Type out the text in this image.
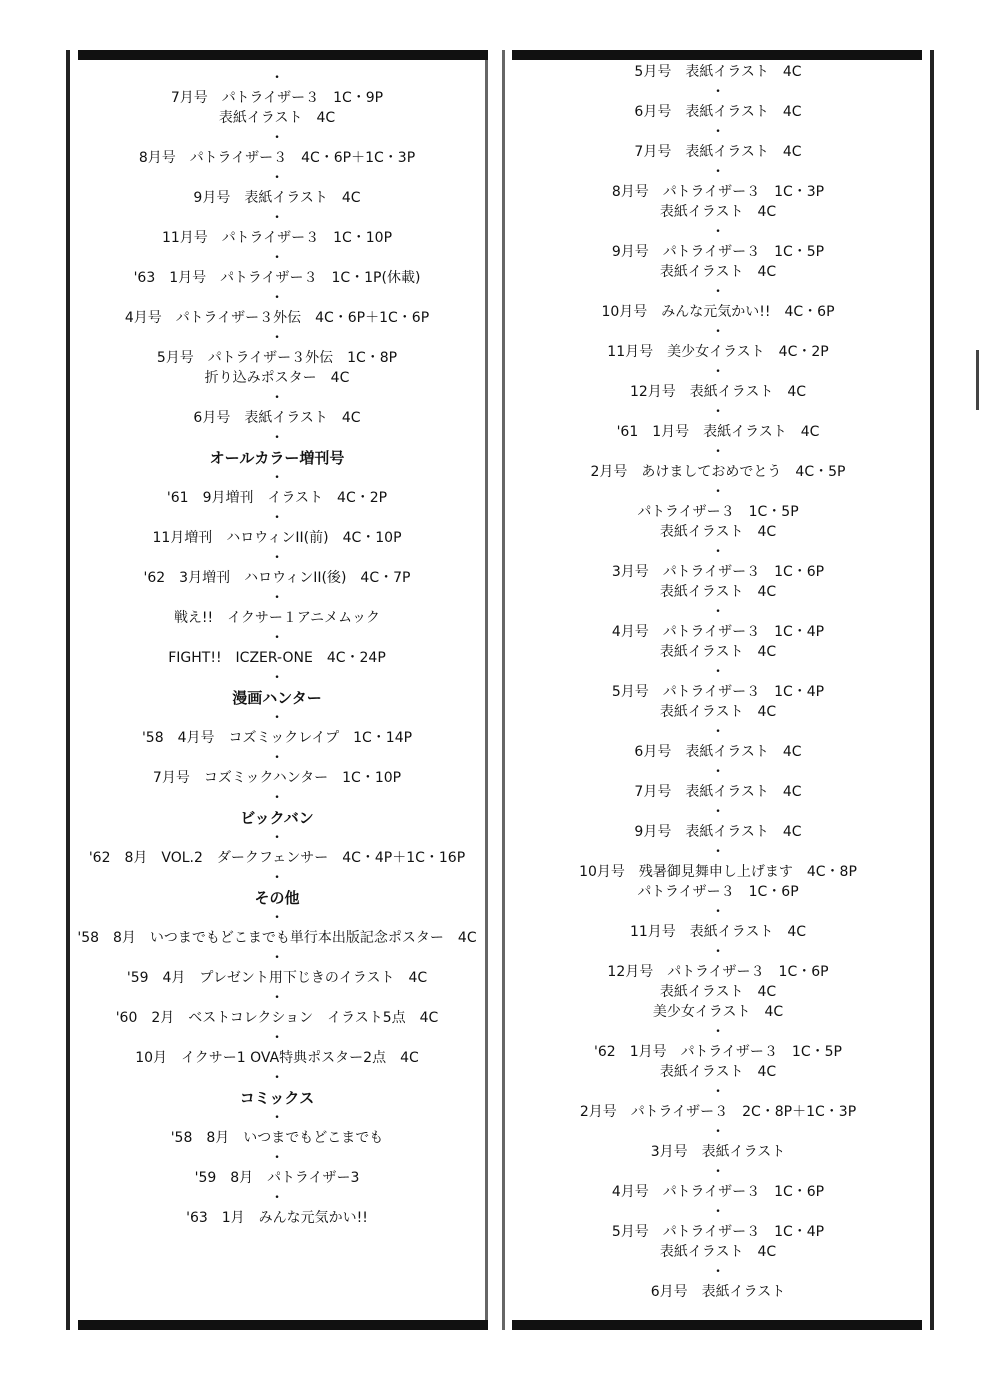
•
7月号　パトライザー３　1C・9P
表紙イラスト　4C
•
8月号　パトライザー３　4C・6P＋1C・3P
•
9月号　表紙イラスト　4C
•
11月号　パトライザー３　1C・10P
•
'63　1月号　パトライザー３　1C・1P(休載)
•
4月号　パトライザー３外伝　4C・6P＋1C・6P
•
5月号　パトライザー３外伝　1C・8P
折り込みポスター　4C
•
6月号　表紙イラスト　4C
•
オールカラー増刊号
•
'61　9月増刊　イラスト　4C・2P
•
11月増刊　ハロウィンII(前)　4C・10P
•
'62　3月増刊　ハロウィンII(後)　4C・7P
•
戦え!!　イクサー１アニメムック
•
FIGHT!!　ICZER-ONE　4C・24P
•
漫画ハンター
•
'58　4月号　コズミックレイプ　1C・14P
•
7月号　コズミックハンター　1C・10P
•
ビックバン
•
'62　8月　VOL.2　ダークフェンサー　4C・4P＋1C・16P
•
その他
•
'58　8月　いつまでもどこまでも単行本出版記念ポスター　4C
•
'59　4月　プレゼント用下じきのイラスト　4C
•
'60　2月　ベストコレクション　イラスト5点　4C
•
10月　イクサー1 OVA特典ポスター2点　4C
•
コミックス
•
'58　8月　いつまでもどこまでも
•
'59　8月　パトライザー3
•
'63　1月　みんな元気かい!!
5月号　表紙イラスト　4C
•
6月号　表紙イラスト　4C
•
7月号　表紙イラスト　4C
•
8月号　パトライザー３　1C・3P
表紙イラスト　4C
•
9月号　パトライザー３　1C・5P
表紙イラスト　4C
•
10月号　みんな元気かい!!　4C・6P
•
11月号　美少女イラスト　4C・2P
•
12月号　表紙イラスト　4C
•
'61　1月号　表紙イラスト　4C
•
2月号　あけましておめでとう　4C・5P
•
パトライザー３　1C・5P
表紙イラスト　4C
•
3月号　パトライザー３　1C・6P
表紙イラスト　4C
•
4月号　パトライザー３　1C・4P
表紙イラスト　4C
•
5月号　パトライザー３　1C・4P
表紙イラスト　4C
•
6月号　表紙イラスト　4C
•
7月号　表紙イラスト　4C
•
9月号　表紙イラスト　4C
•
10月号　残暑御見舞申し上げます　4C・8P
パトライザー３　1C・6P
•
11月号　表紙イラスト　4C
•
12月号　パトライザー３　1C・6P
表紙イラスト　4C
美少女イラスト　4C
•
'62　1月号　パトライザー３　1C・5P
表紙イラスト　4C
•
2月号　パトライザー３　2C・8P＋1C・3P
•
3月号　表紙イラスト
•
4月号　パトライザー３　1C・6P
•
5月号　パトライザー３　1C・4P
表紙イラスト　4C
•
6月号　表紙イラスト
